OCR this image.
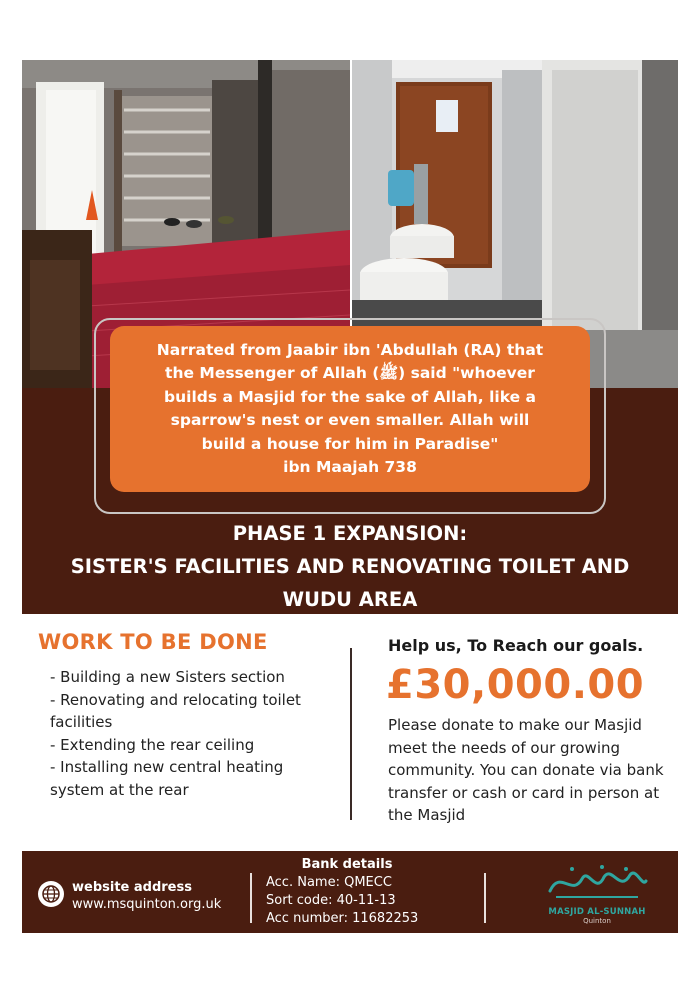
Narrated from Jaabir ibn 'Abdullah (RA) that
the Messenger of Allah (ﷺ) said "whoever
builds a Masjid for the sake of Allah, like a
sparrow's nest or even smaller. Allah will
build a house for him in Paradise"
ibn Maajah 738
PHASE 1 EXPANSION:
SISTER'S FACILITIES AND RENOVATING TOILET AND
WUDU AREA
WORK TO BE DONE
- Building a new Sisters section
- Renovating and relocating toilet facilities
- Extending the rear ceiling
- Installing new central heating system at the rear
Help us, To Reach our goals.
£30,000.00
Please donate to make our Masjid meet the needs of our growing community. You can donate via bank transfer or cash or card in person at the Masjid
website address
www.msquinton.org.uk
Bank details
Acc. Name: QMECC
Sort code: 40-11-13
Acc number: 11682253	MASJID AL-SUNNAH
Quinton
